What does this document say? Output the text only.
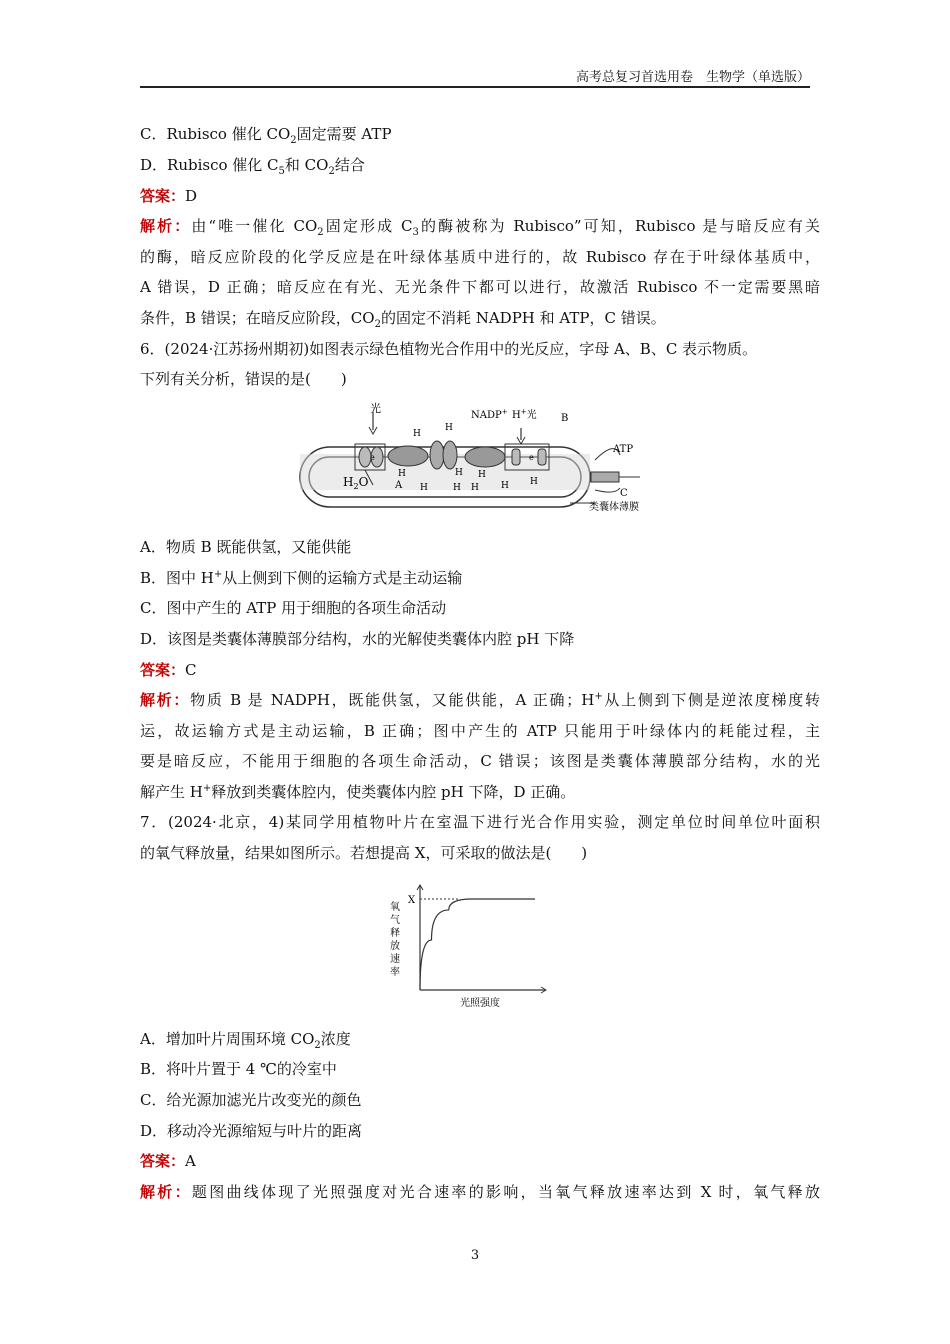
高考总复习首选用卷　生物学（单选版）
C．Rubisco 催化 $CO_2$固定需要 ATP
D．Rubisco 催化 $C_5$和 $CO_2$结合
答案：D
解析：由“唯一催化 $CO_2$固定形成 $C_3$的酶被称为 Rubisco”可知，Rubisco 是与暗反应有关
的酶，暗反应阶段的化学反应是在叶绿体基质中进行的，故 Rubisco 存在于叶绿体基质中，
A 错误，D 正确；暗反应在有光、无光条件下都可以进行，故激活 Rubisco 不一定需要黑暗
条件，B 错误；在暗反应阶段，$CO_2$的固定不消耗 NADPH 和 ATP，C 错误。
6．(2024·江苏扬州期初)如图表示绿色植物光合作用中的光反应，字母 A、B、C 表示物质。
下列有关分析，错误的是(　　)
光
NADP+ H+光 B
ATP
C
A
$H_2O$
e	e
H
H
H
H
H
H H
H
H H
类囊体薄膜
A．物质 B 既能供氢，又能供能
B．图中 H+从上侧到下侧的运输方式是主动运输
C．图中产生的 ATP 用于细胞的各项生命活动
D．该图是类囊体薄膜部分结构，水的光解使类囊体内腔 pH 下降
答案：C
解析：物质 B 是 NADPH，既能供氢，又能供能，A 正确；H+从上侧到下侧是逆浓度梯度转
运，故运输方式是主动运输，B 正确；图中产生的 ATP 只能用于叶绿体内的耗能过程，主
要是暗反应，不能用于细胞的各项生命活动，C 错误；该图是类囊体薄膜部分结构，水的光
解产生 H+释放到类囊体腔内，使类囊体内腔 pH 下降，D 正确。
7．(2024·北京，4)某同学用植物叶片在室温下进行光合作用实验，测定单位时间单位叶面积
的氧气释放量，结果如图所示。若想提高 X，可采取的做法是(　　)
X
氧
气
释
放
速
率
光照强度
A．增加叶片周围环境 $CO_2$浓度
B．将叶片置于 4 ℃的冷室中
C．给光源加滤光片改变光的颜色
D．移动冷光源缩短与叶片的距离
答案：A
解析：题图曲线体现了光照强度对光合速率的影响，当氧气释放速率达到 X 时，氧气释放
3
